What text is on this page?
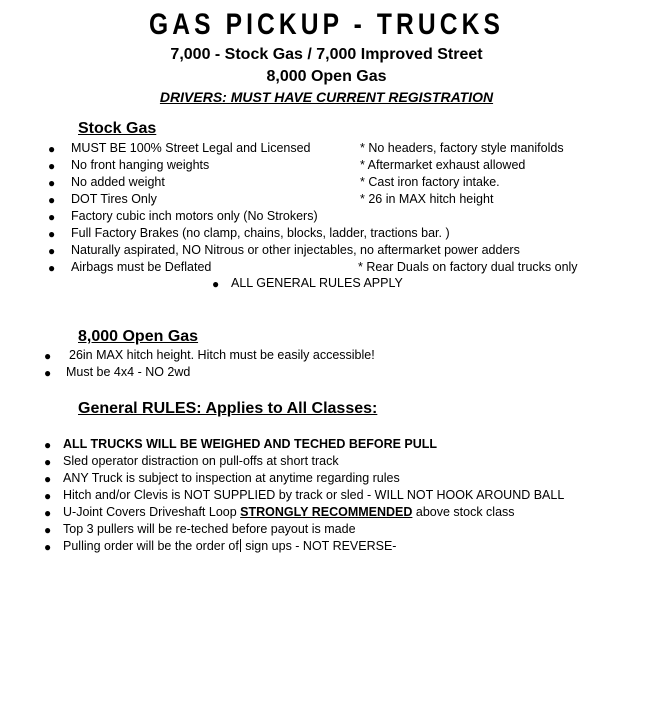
GAS PICKUP - TRUCKS
7,000 - Stock Gas / 7,000 Improved Street
8,000 Open Gas
DRIVERS: MUST HAVE CURRENT REGISTRATION
Stock Gas
● MUST BE 100% Street Legal and Licensed
● No front hanging weights
● No added weight
● DOT Tires Only
● Factory cubic inch motors only (No Strokers)
● Full Factory Brakes (no clamp, chains, blocks, ladder, tractions bar. )
● Naturally aspirated, NO Nitrous or other injectables, no aftermarket power adders
● Airbags must be Deflated
* No headers, factory style manifolds
* Aftermarket exhaust allowed
* Cast iron factory intake.
* 26 in MAX hitch height
* Rear Duals on factory dual trucks only
● ALL GENERAL RULES APPLY
8,000 Open Gas
● 26in MAX hitch height. Hitch must be easily accessible!
● Must be 4x4 - NO 2wd
General RULES: Applies to All Classes:
● ALL TRUCKS WILL BE WEIGHED AND TECHED BEFORE PULL
● Sled operator distraction on pull-offs at short track
● ANY Truck is subject to inspection at anytime regarding rules
● Hitch and/or Clevis is NOT SUPPLIED by track or sled - WILL NOT HOOK AROUND BALL
● U-Joint Covers Driveshaft Loop STRONGLY RECOMMENDED above stock class
● Top 3 pullers will be re-teched before payout is made
● Pulling order will be the order of sign ups - NOT REVERSE-
